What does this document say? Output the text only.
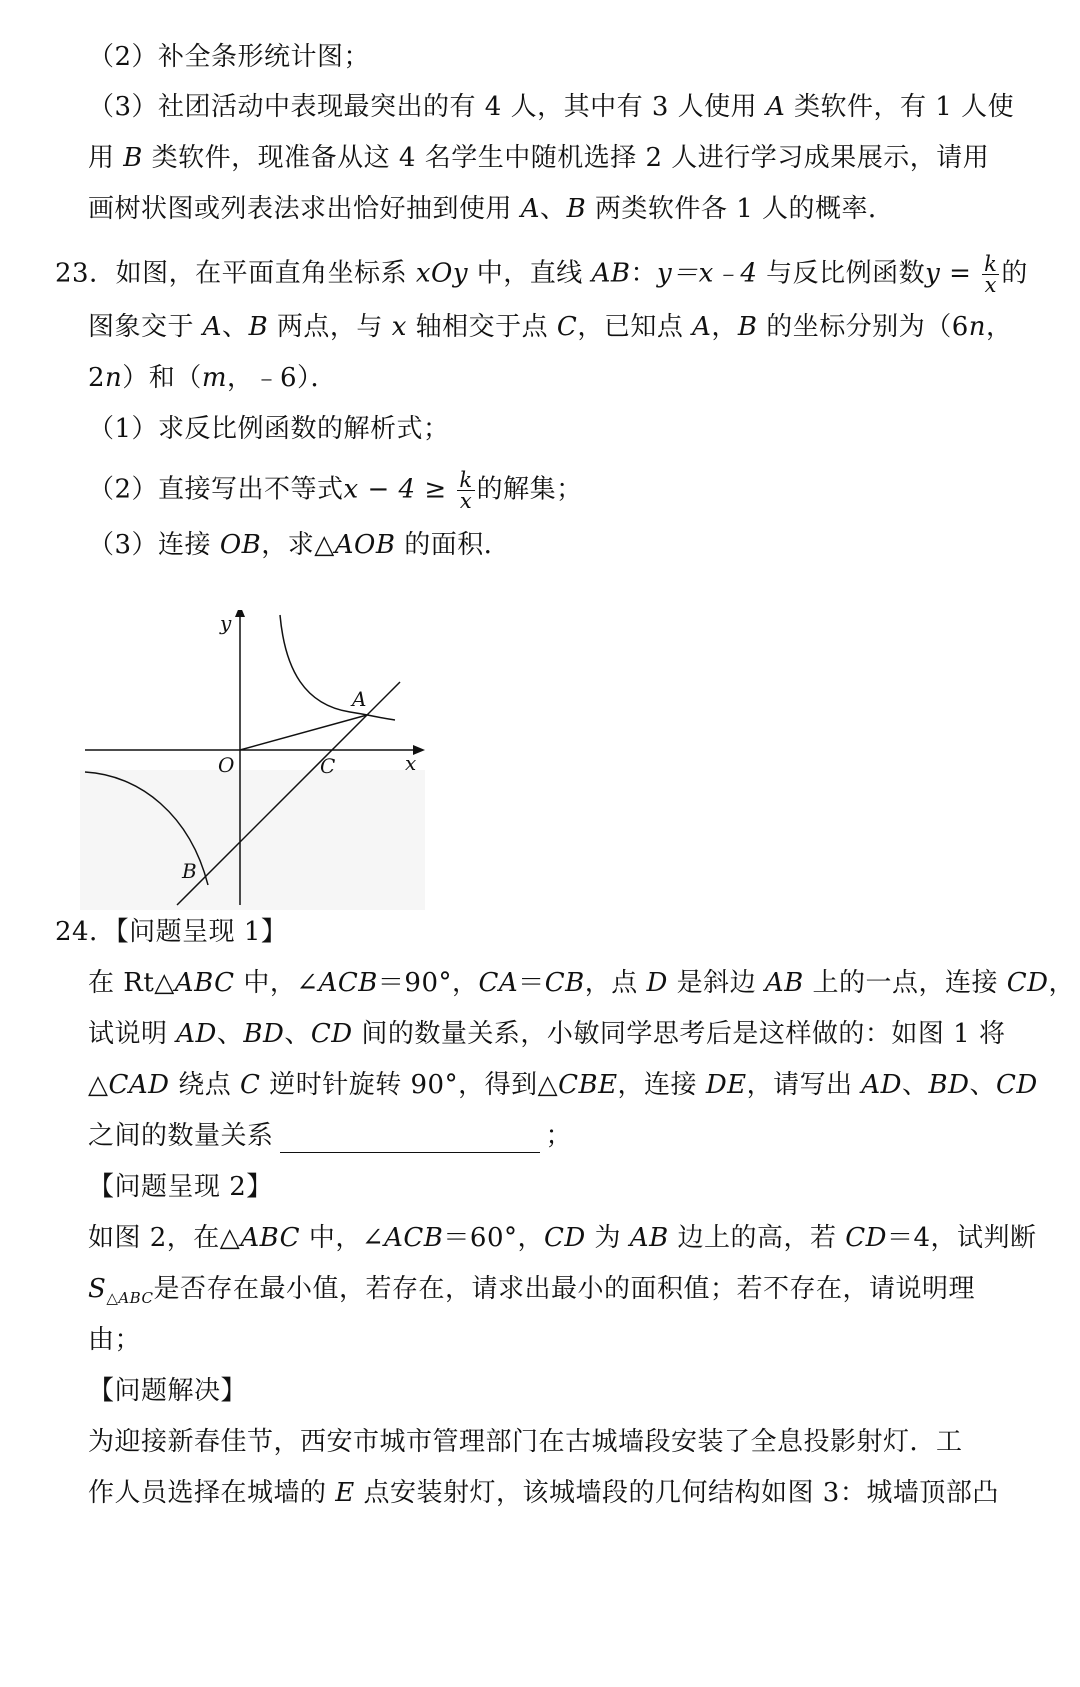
（2）补全条形统计图；
（3）社团活动中表现最突出的有 4 人，其中有 3 人使用 A 类软件，有 1 人使
用 B 类软件，现准备从这 4 名学生中随机选择 2 人进行学习成果展示，请用
画树状图或列表法求出恰好抽到使用 A、B 两类软件各 1 人的概率．
23．如图，在平面直角坐标系 xOy 中，直线 AB：y＝x﹣4 与反比例函数$y = \frac{k}{x}$ 的
图象交于 A、B 两点，与 x 轴相交于点 C，已知点 A，B 的坐标分别为（6n，
2n）和（m，﹣6）．
（1）求反比例函数的解析式；
（2）直接写出不等式$x - 4 \ge \frac{k}{x}$ 的解集；
（3）连接 OB，求△AOB 的面积．
y
x
O
A
C
B
24．【问题呈现 1】
在 Rt△ABC 中，∠ACB＝90°，CA＝CB，点 D 是斜边 AB 上的一点，连接 CD，
试说明 AD、BD、CD 间的数量关系，小敏同学思考后是这样做的：如图 1 将
△CAD 绕点 C 逆时针旋转 90°，得到△CBE，连接 DE，请写出 AD、BD、CD
之间的数量关系	；
【问题呈现 2】
如图 2，在△ABC 中，∠ACB＝60°，CD 为 AB 边上的高，若 CD＝4，试判断
$S_{\triangle ABC}$是否存在最小值，若存在，请求出最小的面积值；若不存在，请说明理
由；
【问题解决】
为迎接新春佳节，西安市城市管理部门在古城墙段安装了全息投影射灯．工
作人员选择在城墙的 E 点安装射灯，该城墙段的几何结构如图 3：城墙顶部凸
